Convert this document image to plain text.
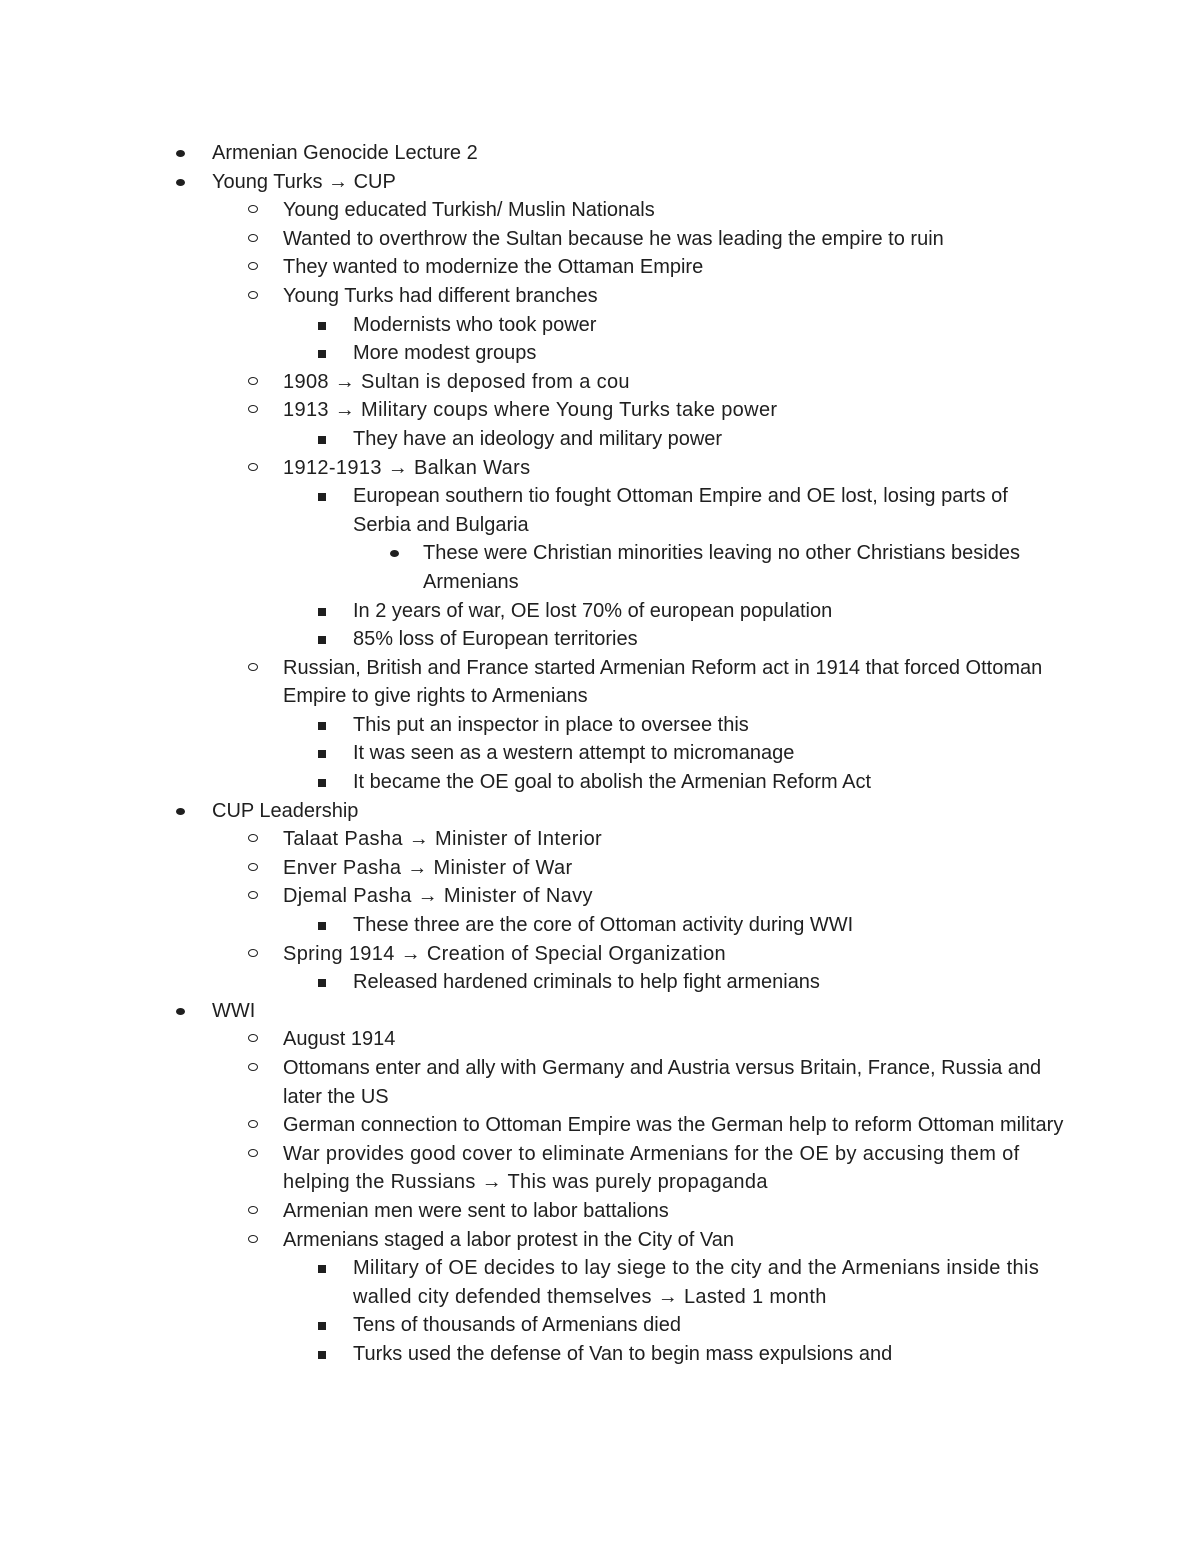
Armenian Genocide Lecture 2
Young Turks → CUP
Young educated Turkish/ Muslin Nationals
Wanted to overthrow the Sultan because he was leading the empire to ruin
They wanted to modernize the Ottaman Empire
Young Turks had different branches
Modernists who took power
More modest groups
1908 → Sultan is deposed from a cou
1913 → Military coups where Young Turks take power
They have an ideology and military power
1912-1913 → Balkan Wars
European southern tio fought Ottoman Empire and OE lost, losing parts of Serbia and Bulgaria
These were Christian minorities leaving no other Christians besides Armenians
In 2 years of war, OE lost 70% of european population
85% loss of European territories
Russian, British and France started Armenian Reform act in 1914 that forced Ottoman Empire to give rights to Armenians
This put an inspector in place to oversee this
It was seen as a western attempt to micromanage
It became the OE goal to abolish the Armenian Reform Act
CUP Leadership
Talaat Pasha → Minister of Interior
Enver Pasha → Minister of War
Djemal Pasha → Minister of Navy
These three are the core of Ottoman activity during WWI
Spring 1914 → Creation of Special Organization
Released hardened criminals to help fight armenians
WWI
August 1914
Ottomans enter and ally with Germany and Austria versus Britain, France, Russia and later the US
German connection to Ottoman Empire was the German help to reform Ottoman military
War provides good cover to eliminate Armenians for the OE by accusing them of helping the Russians → This was purely propaganda
Armenian men were sent to labor battalions
Armenians staged a labor protest in the City of Van
Military of OE decides to lay siege to the city and the Armenians inside this walled city defended themselves → Lasted 1 month
Tens of thousands of Armenians died
Turks used the defense of Van to begin mass expulsions and
